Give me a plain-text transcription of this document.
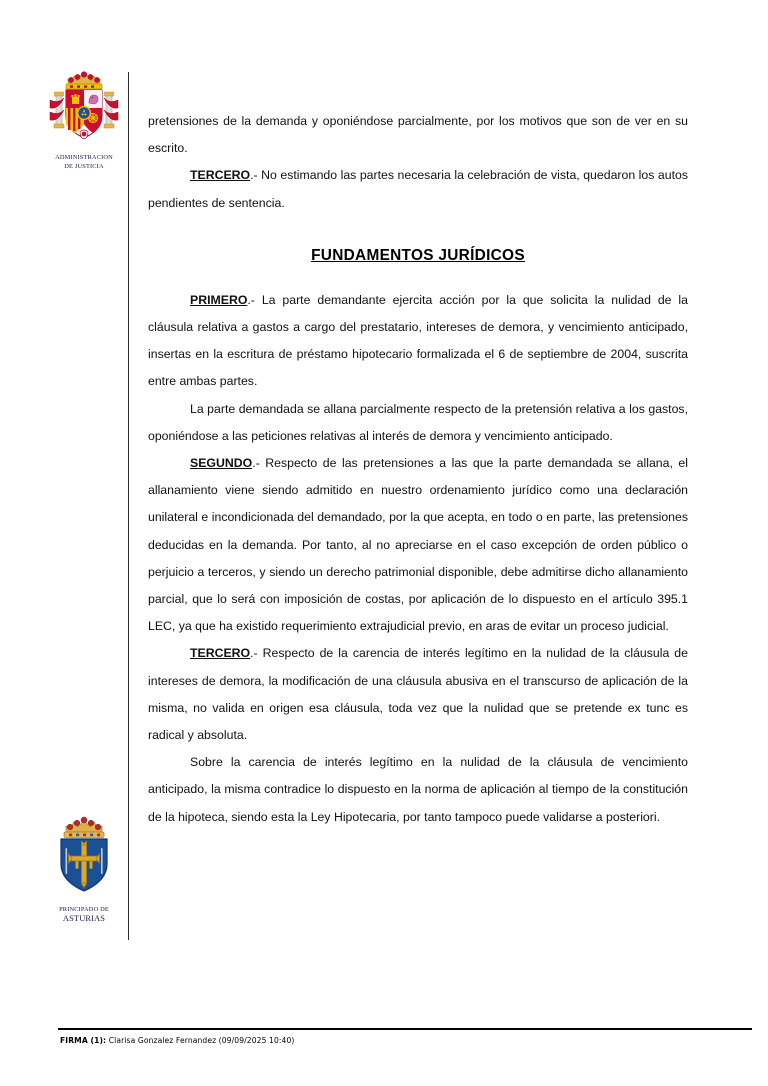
ADMINISTRACION
DE JUSTICIA

pretensiones de la demanda y oponiéndose parcialmente, por los motivos que son de ver en su escrito.

TERCERO.- No estimando las partes necesaria la celebración de vista, quedaron los autos pendientes de sentencia.

FUNDAMENTOS JURÍDICOS

PRIMERO.- La parte demandante ejercita acción por la que solicita la nulidad de la cláusula relativa a gastos a cargo del prestatario, intereses de demora, y vencimiento anticipado, insertas en la escritura de préstamo hipotecario formalizada el 6 de septiembre de 2004, suscrita entre ambas partes.

La parte demandada se allana parcialmente respecto de la pretensión relativa a los gastos, oponiéndose a las peticiones relativas al interés de demora y vencimiento anticipado.

SEGUNDO.- Respecto de las pretensiones a las que la parte demandada se allana, el allanamiento viene siendo admitido en nuestro ordenamiento jurídico como una declaración unilateral e incondicionada del demandado, por la que acepta, en todo o en parte, las pretensiones deducidas en la demanda. Por tanto, al no apreciarse en el caso excepción de orden público o perjuicio a terceros, y siendo un derecho patrimonial disponible, debe admitirse dicho allanamiento parcial, que lo será con imposición de costas, por aplicación de lo dispuesto en el artículo 395.1 LEC, ya que ha existido requerimiento extrajudicial previo, en aras de evitar un proceso judicial.

TERCERO.- Respecto de la carencia de interés legítimo en la nulidad de la cláusula de intereses de demora, la modificación de una cláusula abusiva en el transcurso de aplicación de la misma, no valida en origen esa cláusula, toda vez que la nulidad que se pretende ex tunc es radical y absoluta.

Sobre la carencia de interés legítimo en la nulidad de la cláusula de vencimiento anticipado, la misma contradice lo dispuesto en la norma de aplicación al tiempo de la constitución de la hipoteca, siendo esta la Ley Hipotecaria, por tanto tampoco puede validarse a posteriori.

PRINCIPADO DE
ASTURIAS
FIRMA (1): Clarisa Gonzalez Fernandez (09/09/2025 10:40)
